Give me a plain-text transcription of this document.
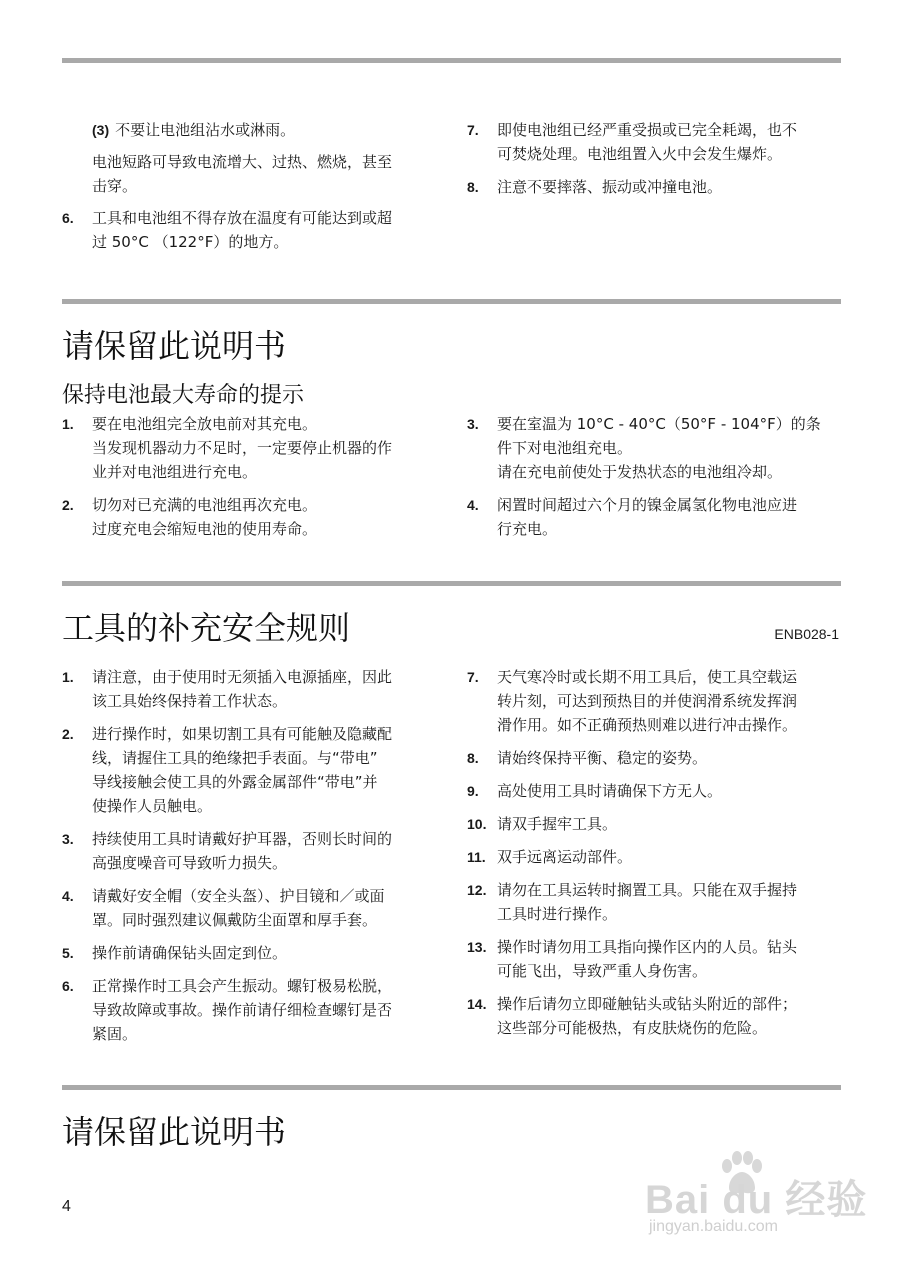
(3) 不要让电池组沾水或淋雨。
电池短路可导致电流增大、过热、燃烧，甚至
击穿。
6. 工具和电池组不得存放在温度有可能达到或超
过 50°C （122°F）的地方。
7. 即使电池组已经严重受损或已完全耗竭，也不
可焚烧处理。电池组置入火中会发生爆炸。
8. 注意不要摔落、振动或冲撞电池。
请保留此说明书
保持电池最大寿命的提示
1. 要在电池组完全放电前对其充电。
当发现机器动力不足时，一定要停止机器的作
业并对电池组进行充电。
2. 切勿对已充满的电池组再次充电。
过度充电会缩短电池的使用寿命。
3. 要在室温为 10°C - 40°C（50°F - 104°F）的条
件下对电池组充电。
请在充电前使处于发热状态的电池组冷却。
4. 闲置时间超过六个月的镍金属氢化物电池应进
行充电。
工具的补充安全规则	ENB028-1
1. 请注意，由于使用时无须插入电源插座，因此
该工具始终保持着工作状态。
2. 进行操作时，如果切割工具有可能触及隐藏配
线，请握住工具的绝缘把手表面。与“带电”
导线接触会使工具的外露金属部件“带电”并
使操作人员触电。
3. 持续使用工具时请戴好护耳器，否则长时间的
高强度噪音可导致听力损失。
4. 请戴好安全帽（安全头盔）、护目镜和／或面
罩。同时强烈建议佩戴防尘面罩和厚手套。
5. 操作前请确保钻头固定到位。
6. 正常操作时工具会产生振动。螺钉极易松脱，
导致故障或事故。操作前请仔细检查螺钉是否
紧固。
7. 天气寒冷时或长期不用工具后，使工具空载运
转片刻，可达到预热目的并使润滑系统发挥润
滑作用。如不正确预热则难以进行冲击操作。
8. 请始终保持平衡、稳定的姿势。
9. 高处使用工具时请确保下方无人。
10. 请双手握牢工具。
11. 双手远离运动部件。
12. 请勿在工具运转时搁置工具。只能在双手握持
工具时进行操作。
13. 操作时请勿用工具指向操作区内的人员。钻头
可能飞出，导致严重人身伤害。
14. 操作后请勿立即碰触钻头或钻头附近的部件；
这些部分可能极热，有皮肤烧伤的危险。
请保留此说明书
4	Bai du 经验
jingyan.baidu.com
